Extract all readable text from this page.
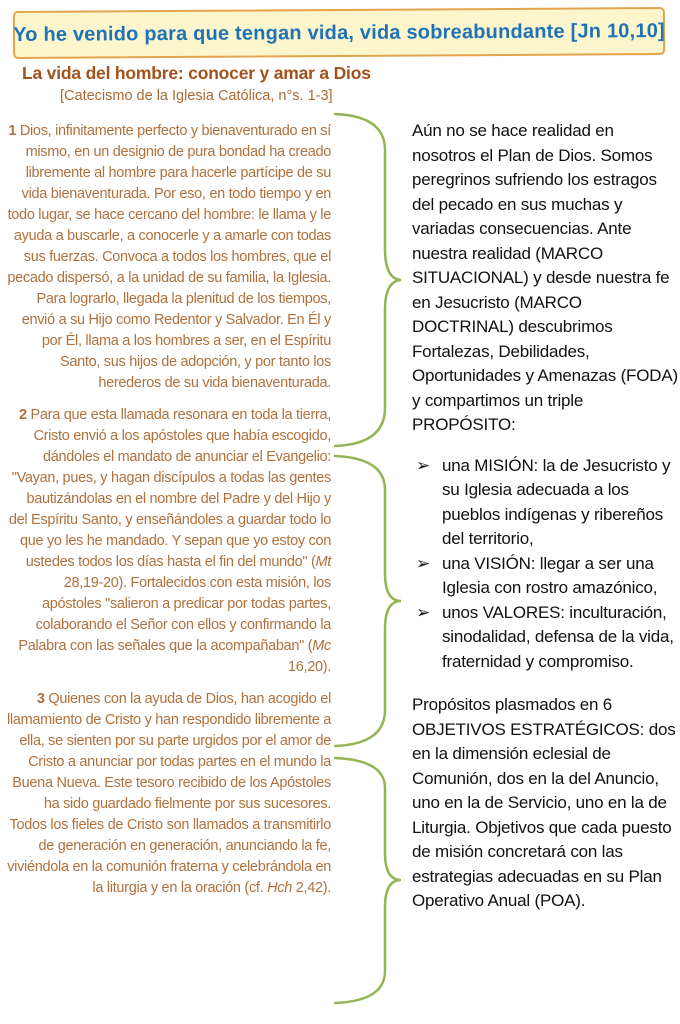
Yo he venido para que tengan vida, vida sobreabundante [Jn 10,10]
La vida del hombre: conocer y amar a Dios
[Catecismo de la Iglesia Católica, n°s. 1-3]

1 Dios, infinitamente perfecto y bienaventurado en sí mismo, en un designio de pura bondad ha creado libremente al hombre para hacerle partícipe de su vida bienaventurada. Por eso, en todo tiempo y en todo lugar, se hace cercano del hombre: le llama y le ayuda a buscarle, a conocerle y a amarle con todas sus fuerzas. Convoca a todos los hombres, que el pecado dispersó, a la unidad de su familia, la Iglesia. Para lograrlo, llegada la plenitud de los tiempos, envió a su Hijo como Redentor y Salvador. En Él y por Él, llama a los hombres a ser, en el Espíritu Santo, sus hijos de adopción, y por tanto los herederos de su vida bienaventurada.

2 Para que esta llamada resonara en toda la tierra, Cristo envió a los apóstoles que había escogido, dándoles el mandato de anunciar el Evangelio: "Vayan, pues, y hagan discípulos a todas las gentes bautizándolas en el nombre del Padre y del Hijo y del Espíritu Santo, y enseñándoles a guardar todo lo que yo les he mandado. Y sepan que yo estoy con ustedes todos los días hasta el fin del mundo" (Mt 28,19-20). Fortalecidos con esta misión, los apóstoles "salieron a predicar por todas partes, colaborando el Señor con ellos y confirmando la Palabra con las señales que la acompañaban" (Mc 16,20).

3 Quienes con la ayuda de Dios, han acogido el llamamiento de Cristo y han respondido libremente a ella, se sienten por su parte urgidos por el amor de Cristo a anunciar por todas partes en el mundo la Buena Nueva. Este tesoro recibido de los Apóstoles ha sido guardado fielmente por sus sucesores. Todos los fieles de Cristo son llamados a transmitirlo de generación en generación, anunciando la fe, viviéndola en la comunión fraterna y celebrándola en la liturgia y en la oración (cf. Hch 2,42).

Aún no se hace realidad en nosotros el Plan de Dios. Somos peregrinos sufriendo los estragos del pecado en sus muchas y variadas consecuencias. Ante nuestra realidad (MARCO SITUACIONAL) y desde nuestra fe en Jesucristo (MARCO DOCTRINAL) descubrimos Fortalezas, Debilidades, Oportunidades y Amenazas (FODA) y compartimos un triple PROPÓSITO:

➢ una MISIÓN: la de Jesucristo y su Iglesia adecuada a los pueblos indígenas y ribereños del territorio,
➢ una VISIÓN: llegar a ser una Iglesia con rostro amazónico,
➢ unos VALORES: inculturación, sinodalidad, defensa de la vida, fraternidad y compromiso.

Propósitos plasmados en 6 OBJETIVOS ESTRATÉGICOS: dos en la dimensión eclesial de Comunión, dos en la del Anuncio, uno en la de Servicio, uno en la de Liturgia. Objetivos que cada puesto de misión concretará con las estrategias adecuadas en su Plan Operativo Anual (POA).
